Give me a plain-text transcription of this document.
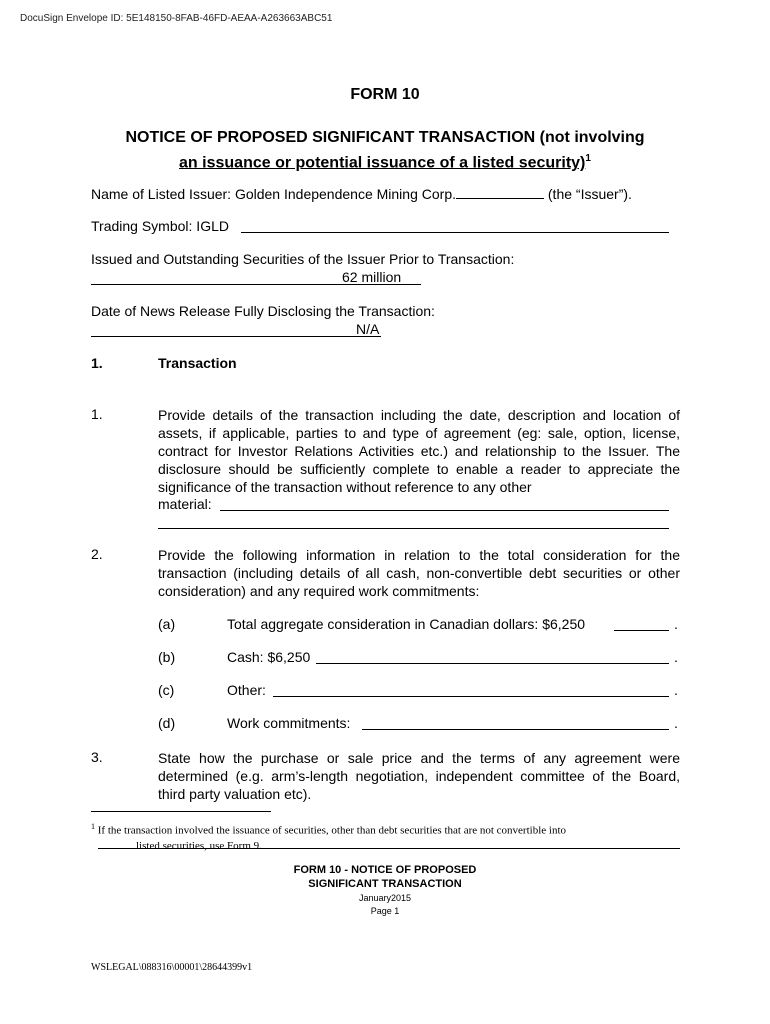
DocuSign Envelope ID: 5E148150-8FAB-46FD-AEAA-A263663ABC51
FORM 10
NOTICE OF PROPOSED SIGNIFICANT TRANSACTION (not involving
an issuance or potential issuance of a listed security)$^1$
Name of Listed Issuer: Golden Independence Mining Corp.	(the “Issuer”).
Trading Symbol: IGLD
Issued and Outstanding Securities of the Issuer Prior to Transaction:
62 million
Date of News Release Fully Disclosing the Transaction:
N/A
1.	Transaction
1.	Provide details of the transaction including the date, description and location of assets, if applicable, parties to and type of agreement (eg: sale, option, license, contract for Investor Relations Activities etc.) and relationship to the Issuer. The disclosure should be sufficiently complete to enable a reader to appreciate the significance of the transaction without reference to any other
material:
2.	Provide the following information in relation to the total consideration for the transaction (including details of all cash, non-convertible debt securities or other consideration) and any required work commitments:
(a)	Total aggregate consideration in Canadian dollars: $6,250	.
(b)	Cash: $6,250	.
(c)	Other:	.
(d)	Work commitments:	.
3.	State how the purchase or sale price and the terms of any agreement were determined (e.g. arm’s-length negotiation, independent committee of the Board, third party valuation etc).
$^1$ If the transaction involved the issuance of securities, other than debt securities that are not convertible into
listed securities, use Form 9.
FORM 10 - NOTICE OF PROPOSED
SIGNIFICANT TRANSACTION
January2015
Page 1
WSLEGAL\088316\00001\28644399v1
